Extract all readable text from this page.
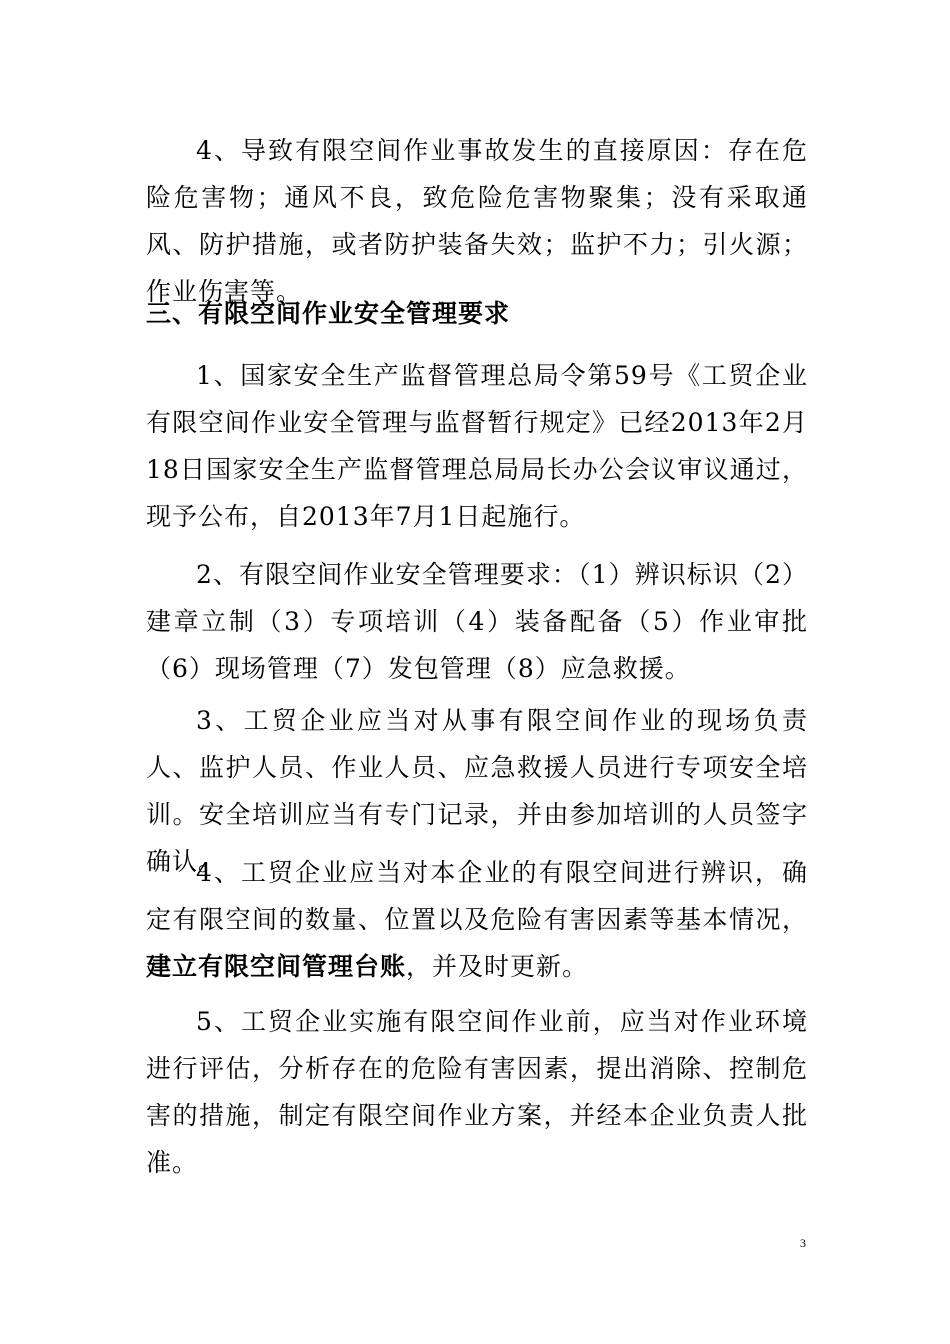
4、导致有限空间作业事故发生的直接原因：存在危险危害物；通风不良，致危险危害物聚集；没有采取通风、防护措施，或者防护装备失效；监护不力；引火源；作业伤害等。

三、有限空间作业安全管理要求

1、国家安全生产监督管理总局令第59号《工贸企业有限空间作业安全管理与监督暂行规定》已经2013年2月18日国家安全生产监督管理总局局长办公会议审议通过，现予公布，自2013年7月1日起施行。

2、有限空间作业安全管理要求：（1）辨识标识（2）建章立制（3）专项培训（4）装备配备（5）作业审批（6）现场管理（7）发包管理（8）应急救援。

3、工贸企业应当对从事有限空间作业的现场负责人、监护人员、作业人员、应急救援人员进行专项安全培训。安全培训应当有专门记录，并由参加培训的人员签字确认。

4、工贸企业应当对本企业的有限空间进行辨识，确定有限空间的数量、位置以及危险有害因素等基本情况，建立有限空间管理台账，并及时更新。

5、工贸企业实施有限空间作业前，应当对作业环境进行评估，分析存在的危险有害因素，提出消除、控制危害的措施，制定有限空间作业方案，并经本企业负责人批准。

3
